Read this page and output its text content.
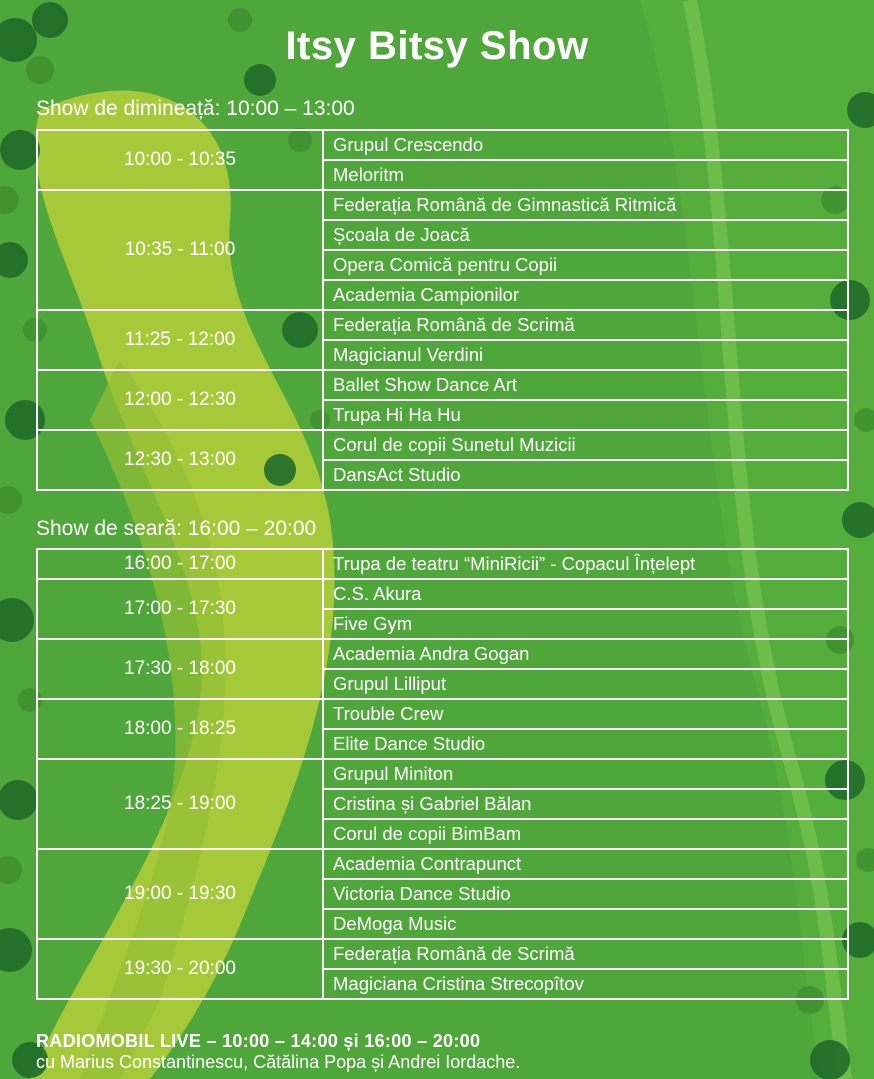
Itsy Bitsy Show
Show de dimineață: 10:00 – 13:00
10:00 - 10:35	Grupul Crescendo
	Meloritm
10:35 - 11:00	Federația Română de Gimnastică Ritmică
	Școala de Joacă
	Opera Comică pentru Copii
	Academia Campionilor
11:25 - 12:00	Federația Română de Scrimă
	Magicianul Verdini
12:00 - 12:30	Ballet Show Dance Art
	Trupa Hi Ha Hu
12:30 - 13:00	Corul de copii Sunetul Muzicii
	DansAct Studio
Show de seară: 16:00 – 20:00
16:00 - 17:00	Trupa de teatru “MiniRicii” - Copacul Înțelept
17:00 - 17:30	C.S. Akura
	Five Gym
17:30 - 18:00	Academia Andra Gogan
	Grupul Lilliput
18:00 - 18:25	Trouble Crew
	Elite Dance Studio
18:25 - 19:00	Grupul Miniton
	Cristina și Gabriel Bălan
	Corul de copii BimBam
19:00 - 19:30	Academia Contrapunct
	Victoria Dance Studio
	DeMoga Music
19:30 - 20:00	Federația Română de Scrimă
	Magiciana Cristina Strecopîtov
RADIOMOBIL LIVE – 10:00 – 14:00 și 16:00 – 20:00
cu Marius Constantinescu, Cătălina Popa și Andrei Iordache.
